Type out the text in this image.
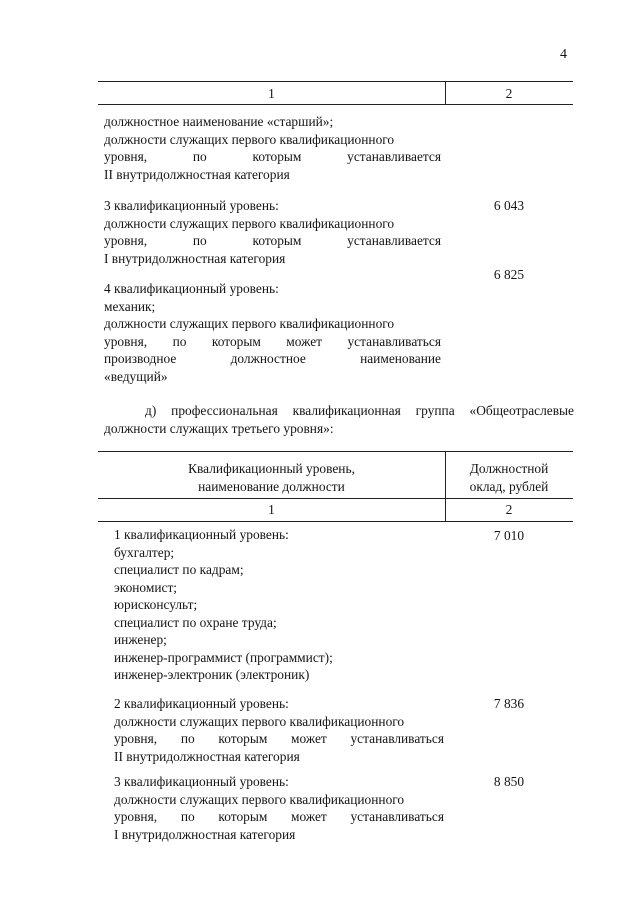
4
1	2
должностное наименование «старший»;
должности служащих первого квалификационного
уровня, по которым устанавливается
II внутридолжностная категория
3 квалификационный уровень:
должности служащих первого квалификационного
уровня, по которым устанавливается
I внутридолжностная категория
6 043
4 квалификационный уровень:
механик;
должности служащих первого квалификационного
уровня, по которым может устанавливаться
производное должностное наименование
«ведущий»
6 825
д) профессиональная квалификационная группа «Общеотраслевые
должности служащих третьего уровня»:
Квалификационный уровень,
наименование должности
Должностной
оклад, рублей
1	2
1 квалификационный уровень:
бухгалтер;
специалист по кадрам;
экономист;
юрисконсульт;
специалист по охране труда;
инженер;
инженер-программист (программист);
инженер-электроник (электроник)
7 010
2 квалификационный уровень:
должности служащих первого квалификационного
уровня, по которым может устанавливаться
II внутридолжностная категория
7 836
3 квалификационный уровень:
должности служащих первого квалификационного
уровня, по которым может устанавливаться
I внутридолжностная категория
8 850
